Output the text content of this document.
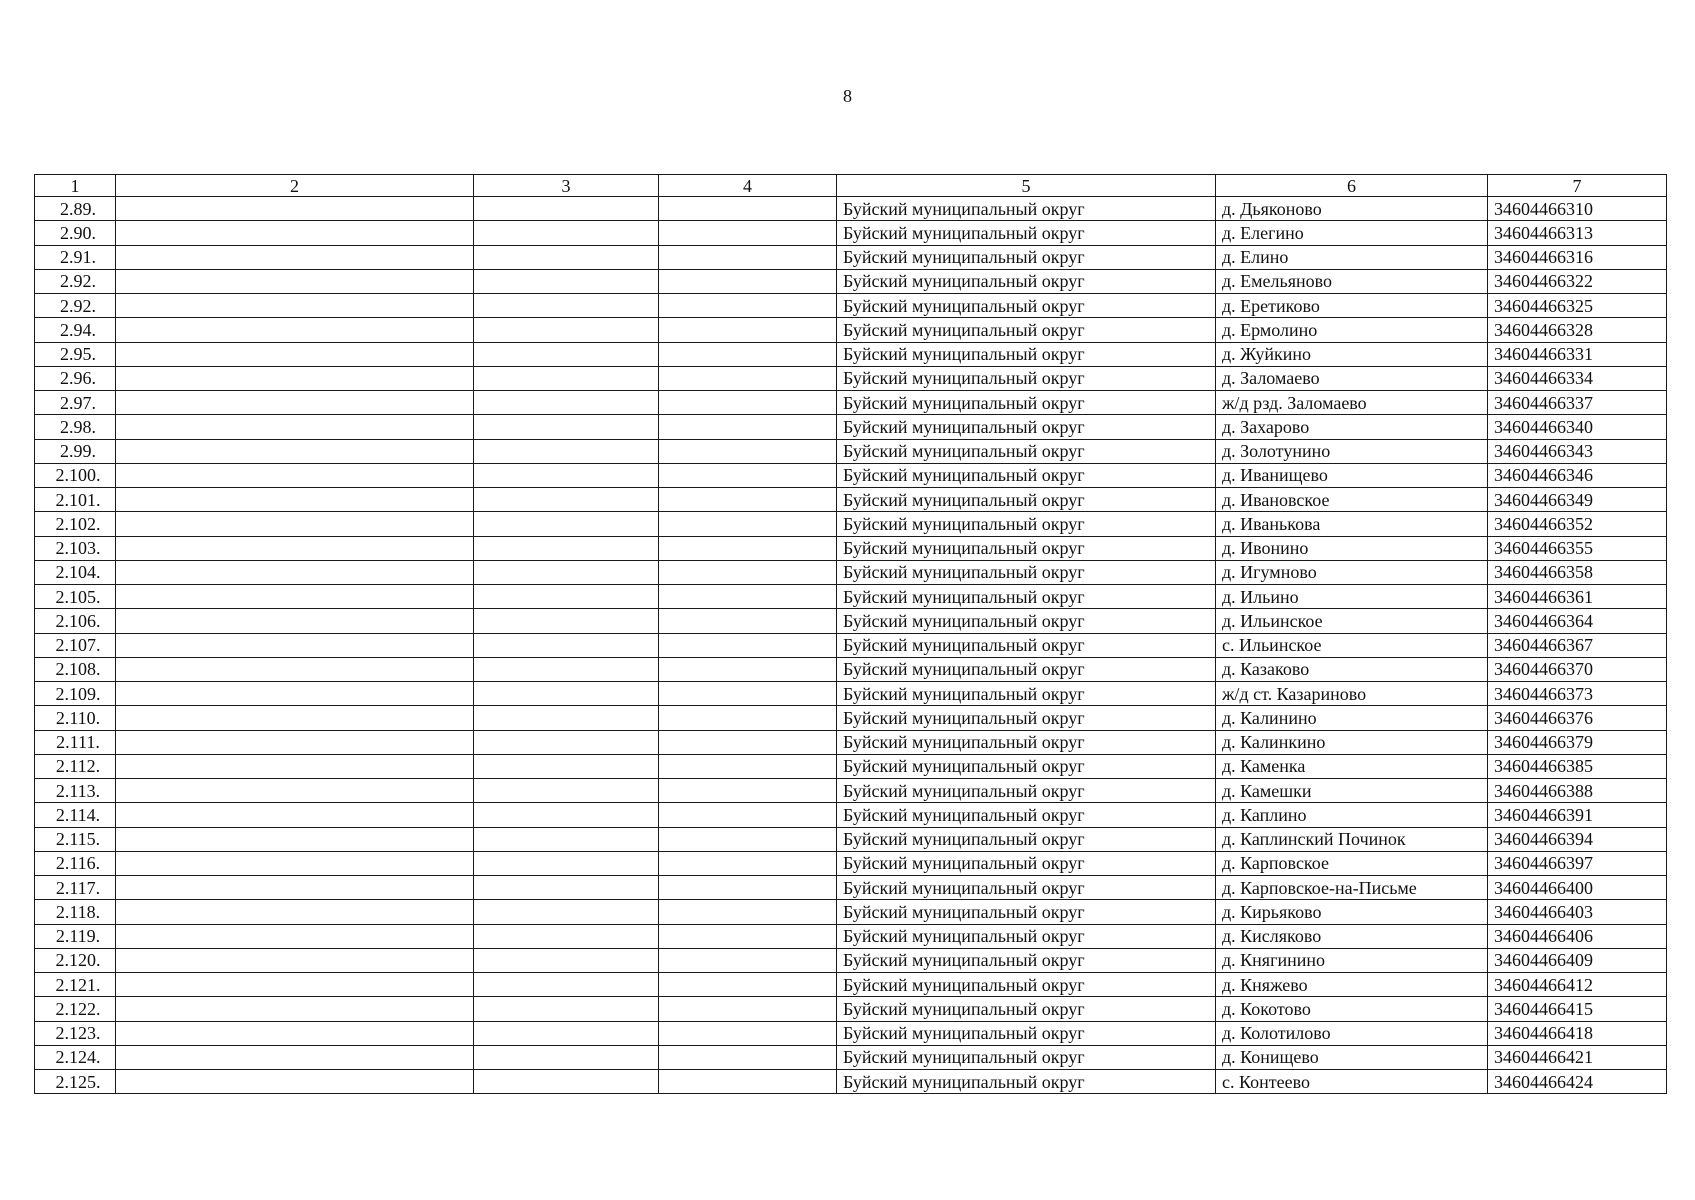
8
1	2	3	4	5	6	7
2.89.				Буйский муниципальный округ	д. Дьяконово	34604466310
2.90.				Буйский муниципальный округ	д. Елегино	34604466313
2.91.				Буйский муниципальный округ	д. Елино	34604466316
2.92.				Буйский муниципальный округ	д. Емельяново	34604466322
2.92.				Буйский муниципальный округ	д. Еретиково	34604466325
2.94.				Буйский муниципальный округ	д. Ермолино	34604466328
2.95.				Буйский муниципальный округ	д. Жуйкино	34604466331
2.96.				Буйский муниципальный округ	д. Заломаево	34604466334
2.97.				Буйский муниципальный округ	ж/д рзд. Заломаево	34604466337
2.98.				Буйский муниципальный округ	д. Захарово	34604466340
2.99.				Буйский муниципальный округ	д. Золотунино	34604466343
2.100.				Буйский муниципальный округ	д. Иванищево	34604466346
2.101.				Буйский муниципальный округ	д. Ивановское	34604466349
2.102.				Буйский муниципальный округ	д. Иванькова	34604466352
2.103.				Буйский муниципальный округ	д. Ивонино	34604466355
2.104.				Буйский муниципальный округ	д. Игумново	34604466358
2.105.				Буйский муниципальный округ	д. Ильино	34604466361
2.106.				Буйский муниципальный округ	д. Ильинское	34604466364
2.107.				Буйский муниципальный округ	с. Ильинское	34604466367
2.108.				Буйский муниципальный округ	д. Казаково	34604466370
2.109.				Буйский муниципальный округ	ж/д ст. Казариново	34604466373
2.110.				Буйский муниципальный округ	д. Калинино	34604466376
2.111.				Буйский муниципальный округ	д. Калинкино	34604466379
2.112.				Буйский муниципальный округ	д. Каменка	34604466385
2.113.				Буйский муниципальный округ	д. Камешки	34604466388
2.114.				Буйский муниципальный округ	д. Каплино	34604466391
2.115.				Буйский муниципальный округ	д. Каплинский Починок	34604466394
2.116.				Буйский муниципальный округ	д. Карповское	34604466397
2.117.				Буйский муниципальный округ	д. Карповское-на-Письме	34604466400
2.118.				Буйский муниципальный округ	д. Кирьяково	34604466403
2.119.				Буйский муниципальный округ	д. Кисляково	34604466406
2.120.				Буйский муниципальный округ	д. Княгинино	34604466409
2.121.				Буйский муниципальный округ	д. Княжево	34604466412
2.122.				Буйский муниципальный округ	д. Кокотово	34604466415
2.123.				Буйский муниципальный округ	д. Колотилово	34604466418
2.124.				Буйский муниципальный округ	д. Конищево	34604466421
2.125.				Буйский муниципальный округ	с. Контеево	34604466424
